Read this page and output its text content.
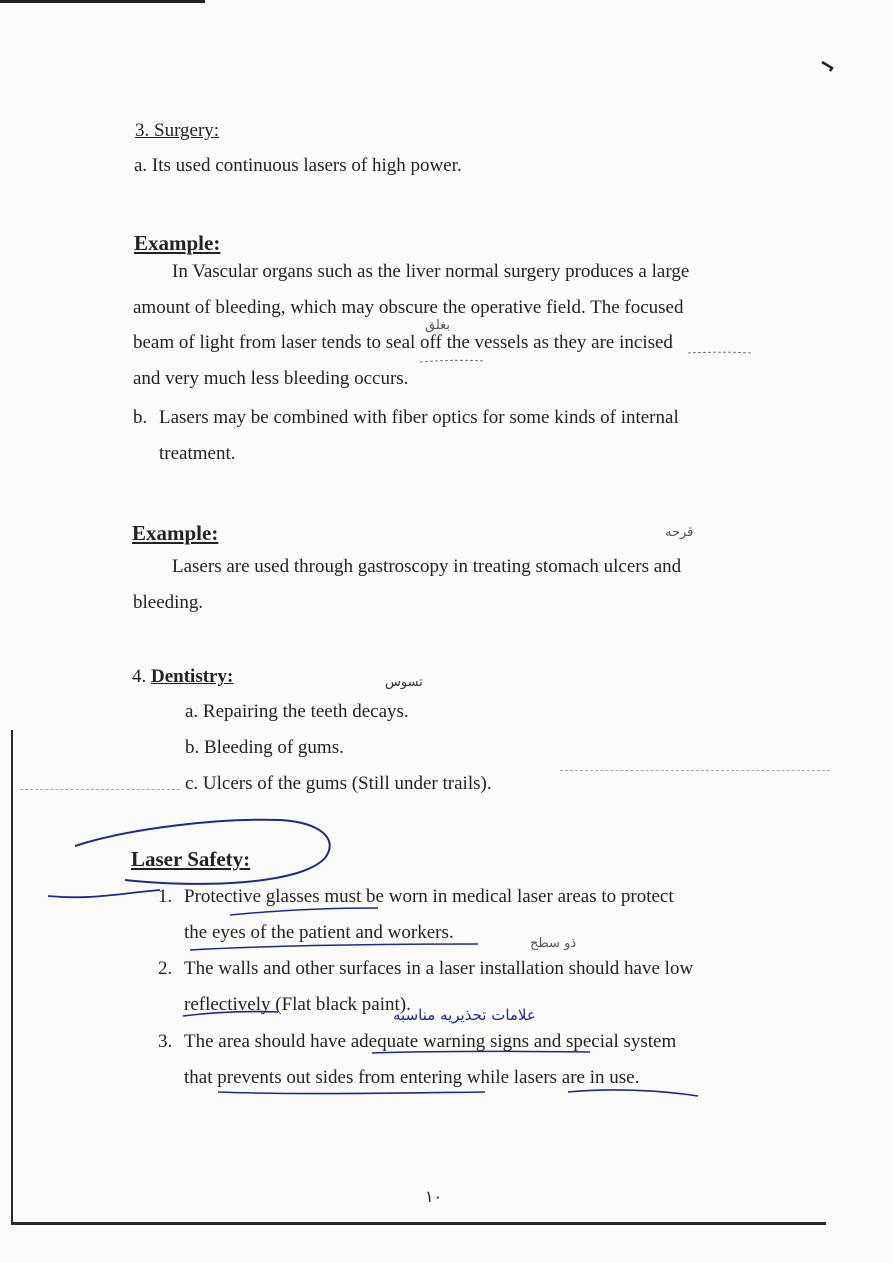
3. Surgery:
a. Its used continuous lasers of high power.
Example:
In Vascular organs such as the liver normal surgery produces a large
amount of bleeding, which may obscure the operative field. The focused
beam of light from laser tends to seal off the vessels as they are incised
and very much less bleeding occurs.
b. Lasers may be combined with fiber optics for some kinds of internal
treatment.
Example:
Lasers are used through gastroscopy in treating stomach ulcers and
bleeding.
4. Dentistry:
a. Repairing the teeth decays.
b. Bleeding of gums.
c. Ulcers of the gums (Still under trails).
Laser Safety:
1. Protective glasses must be worn in medical laser areas to protect
the eyes of the patient and workers.
2. The walls and other surfaces in a laser installation should have low
reflectively (Flat black paint).
3. The area should have adequate warning signs and special system
that prevents out sides from entering while lasers are in use.
بغلق
قرحه
تسوس
ذو سطح
علامات تحذيريه مناسبه
١٠
